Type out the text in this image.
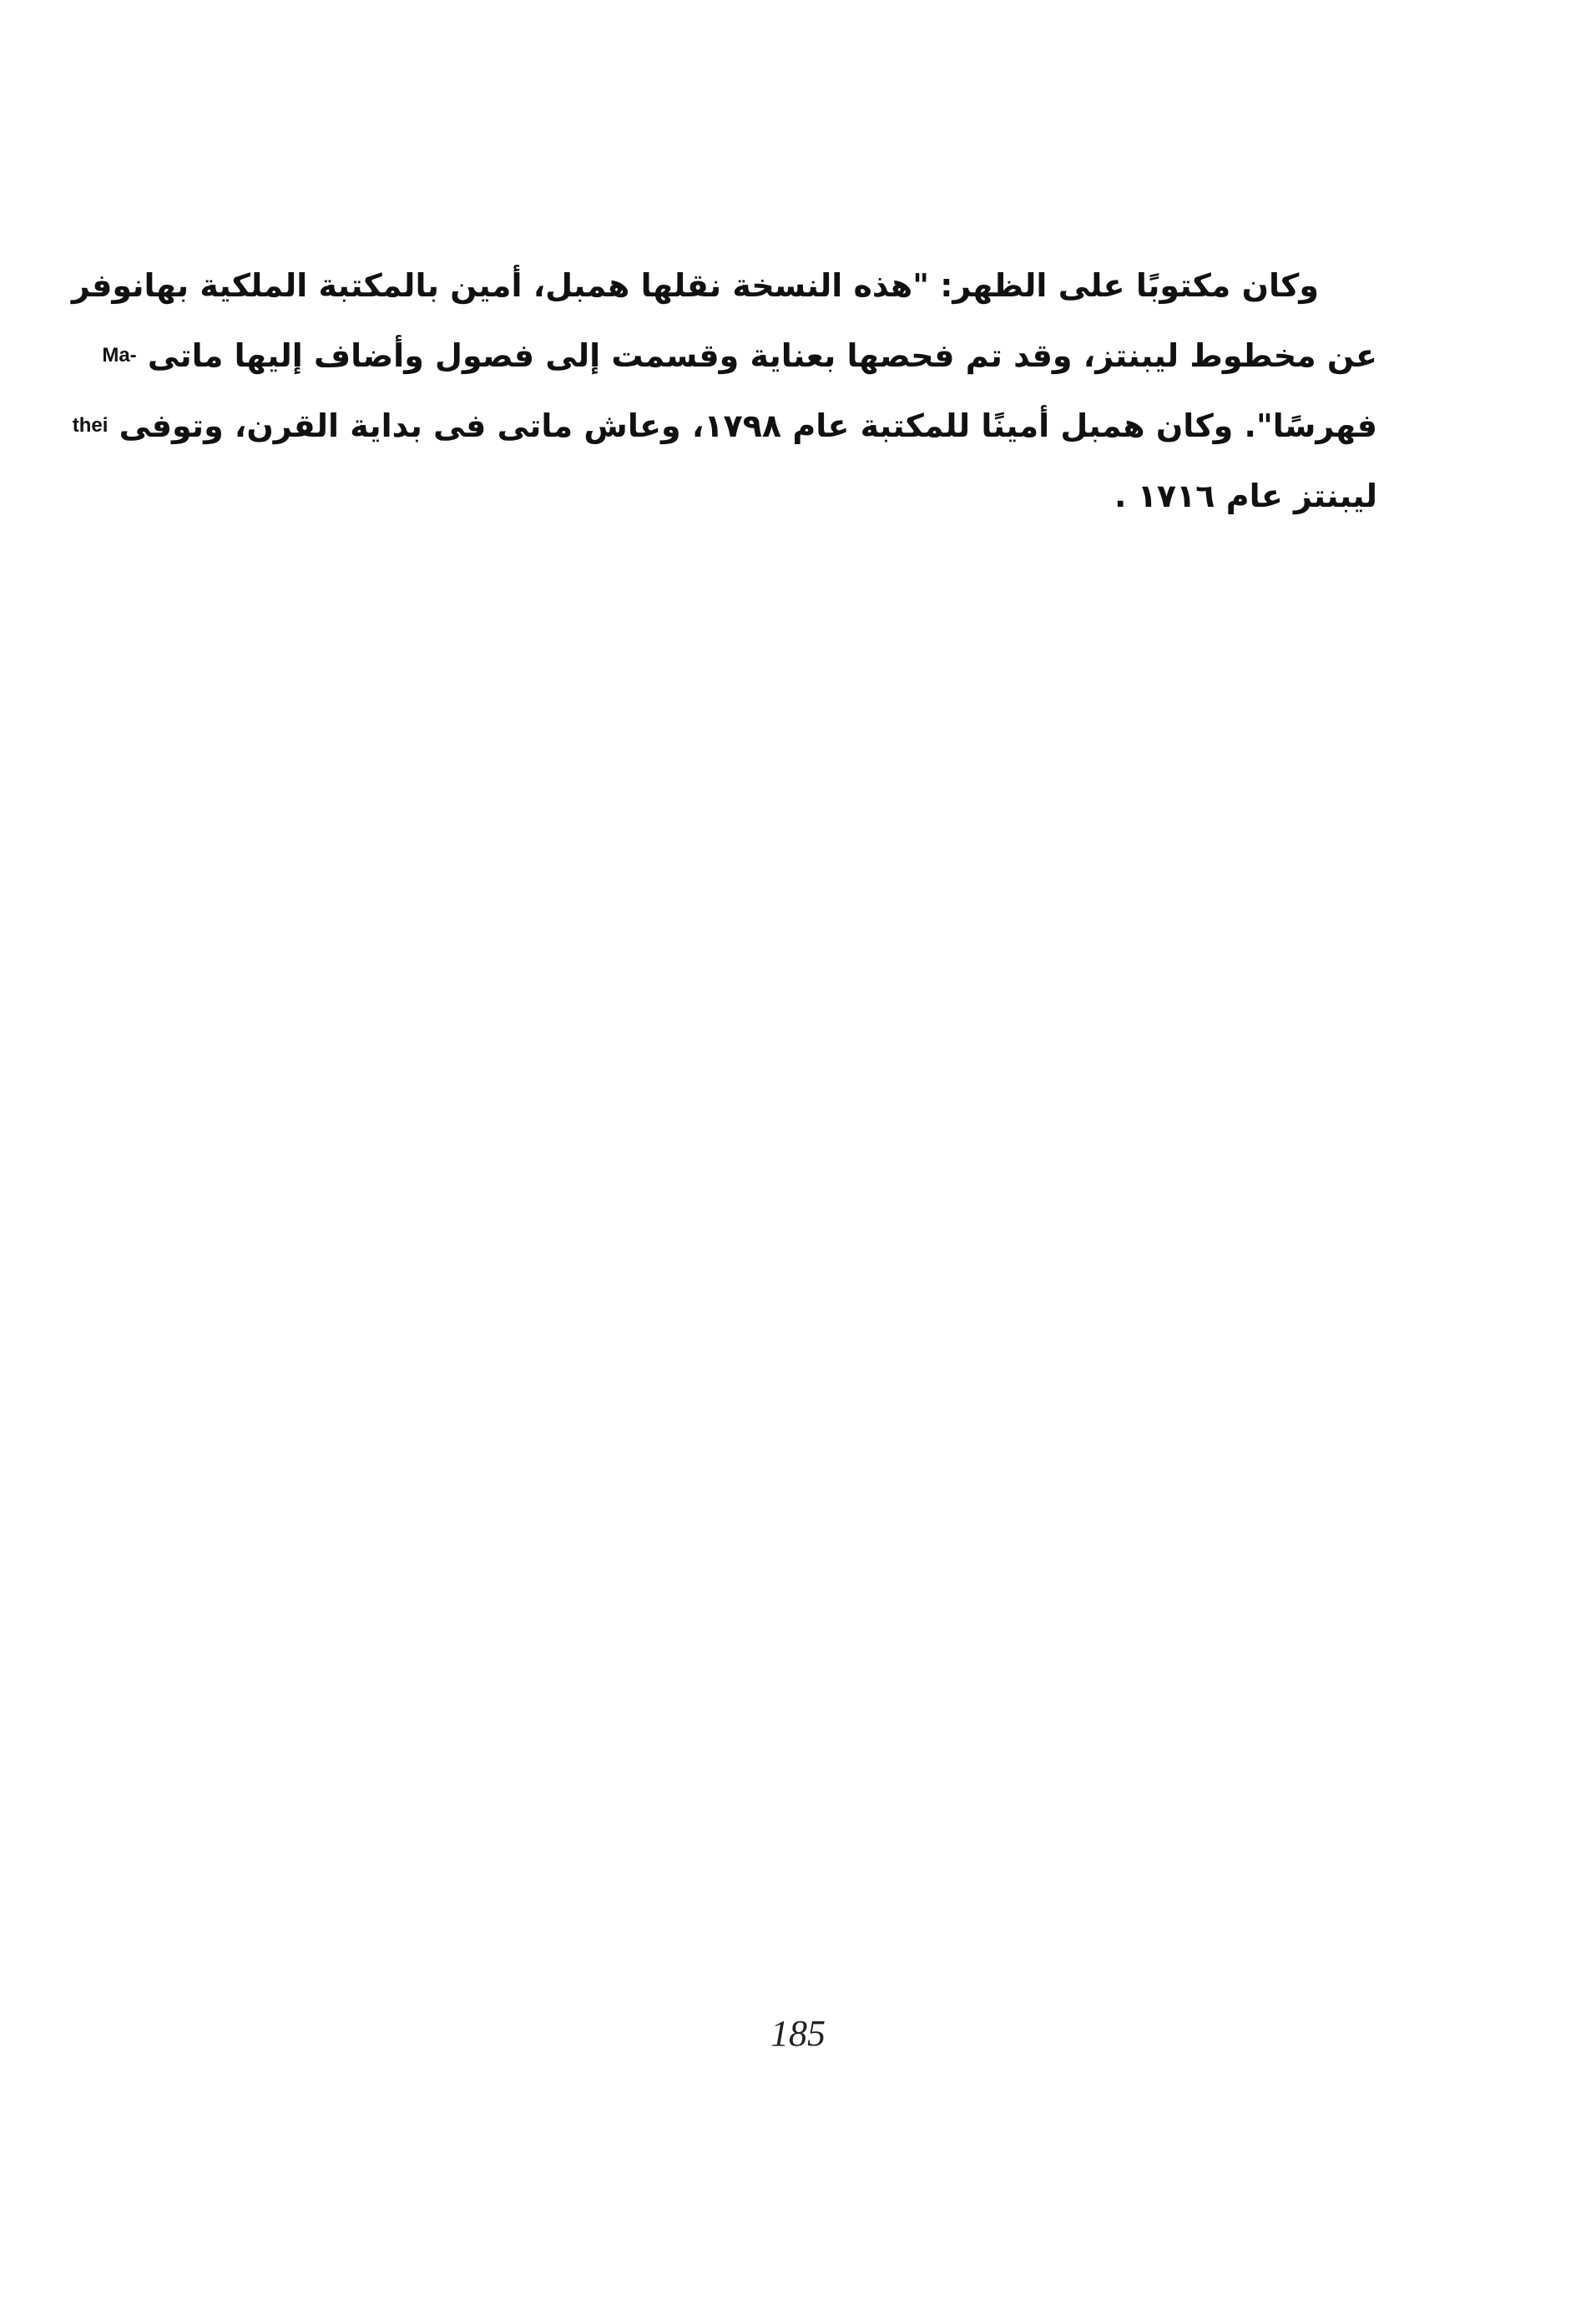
وكان مكتوبًا على الظهر: "هذه النسخة نقلها همبل، أمين بالمكتبة الملكية بهانوفر
عن مخطوط ليبنتز، وقد تم فحصها بعناية وقسمت إلى فصول وأضاف إليها ماتى Ma-
فهرسًا". وكان همبل أمينًا للمكتبة عام ١٧٩٨، وعاش ماتى فى بداية القرن، وتوفى thei
ليبنتز عام ١٧١٦ .
185
